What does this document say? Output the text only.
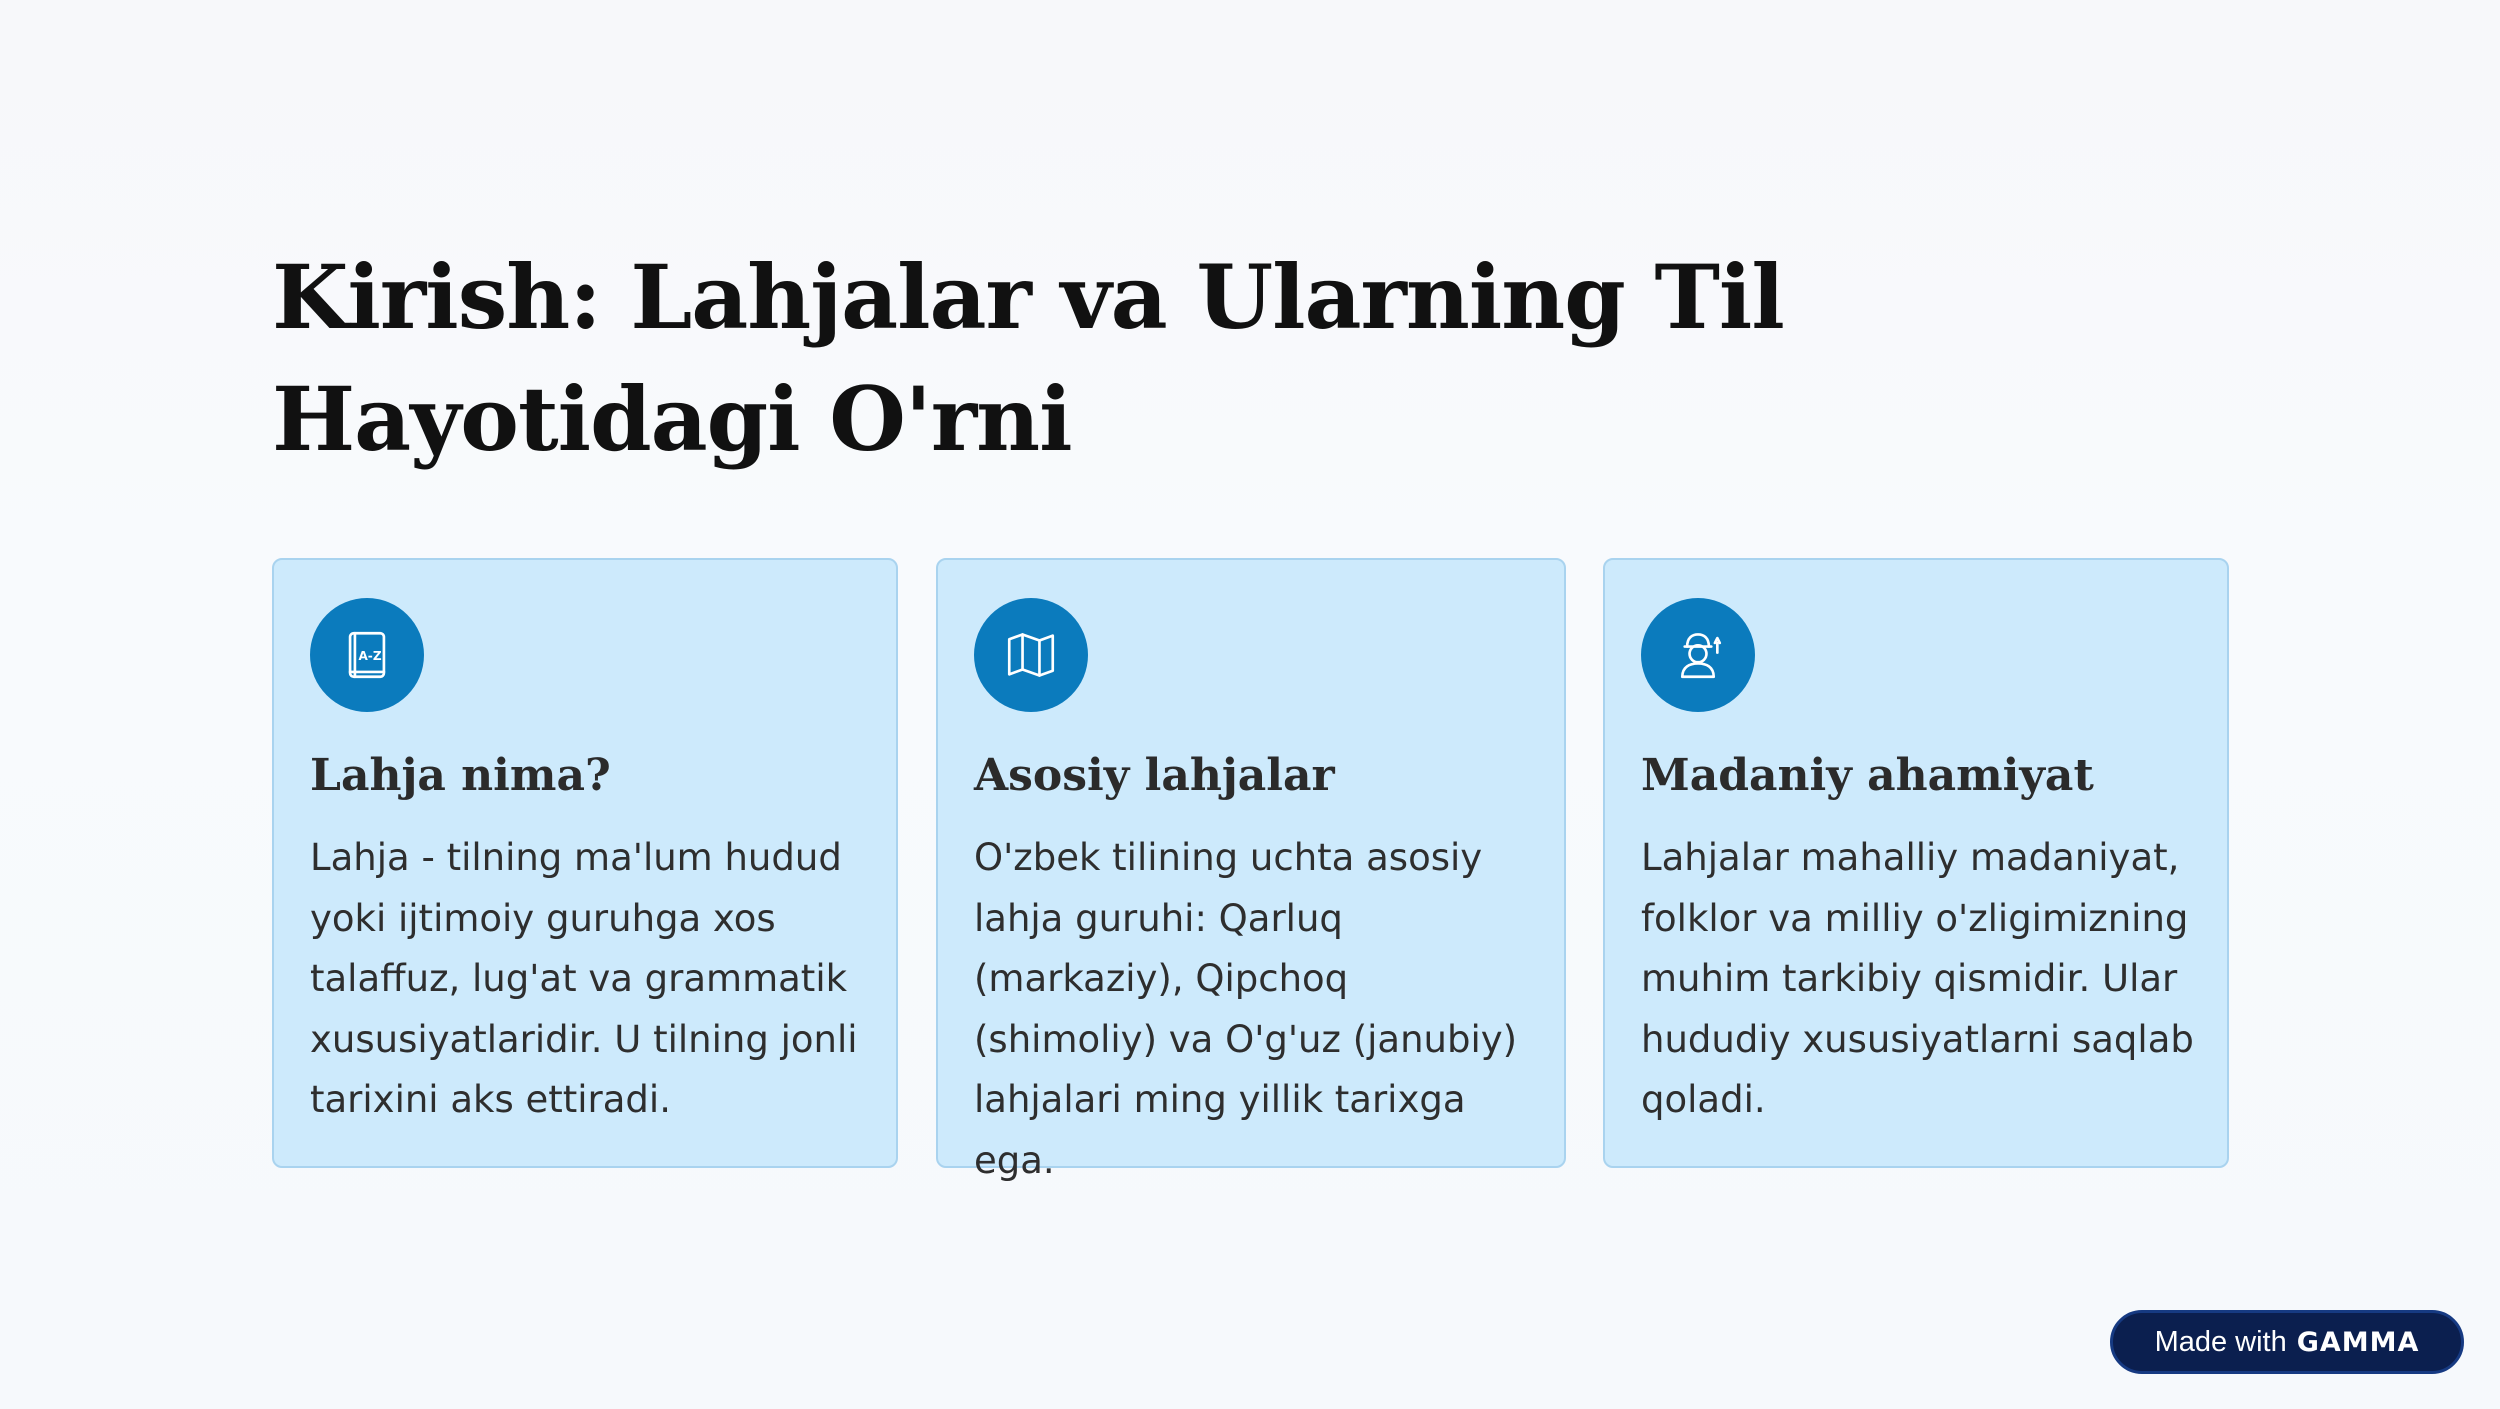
Kirish: Lahjalar va Ularning Til Hayotidagi O'rni
A-Z
Lahja nima?

Lahja - tilning ma'lum hudud yoki ijtimoiy guruhga xos talaffuz, lug'at va grammatik xususiyatlaridir. U tilning jonli tarixini aks ettiradi.

Asosiy lahjalar

O'zbek tilining uchta asosiy lahja guruhi: Qarluq (markaziy), Qipchoq (shimoliy) va O'g'uz (janubiy) lahjalari ming yillik tarixga ega.

Madaniy ahamiyat

Lahjalar mahalliy madaniyat, folklor va milliy o'zligimizning muhim tarkibiy qismidir. Ular hududiy xususiyatlarni saqlab qoladi.

Made with GAMMA
